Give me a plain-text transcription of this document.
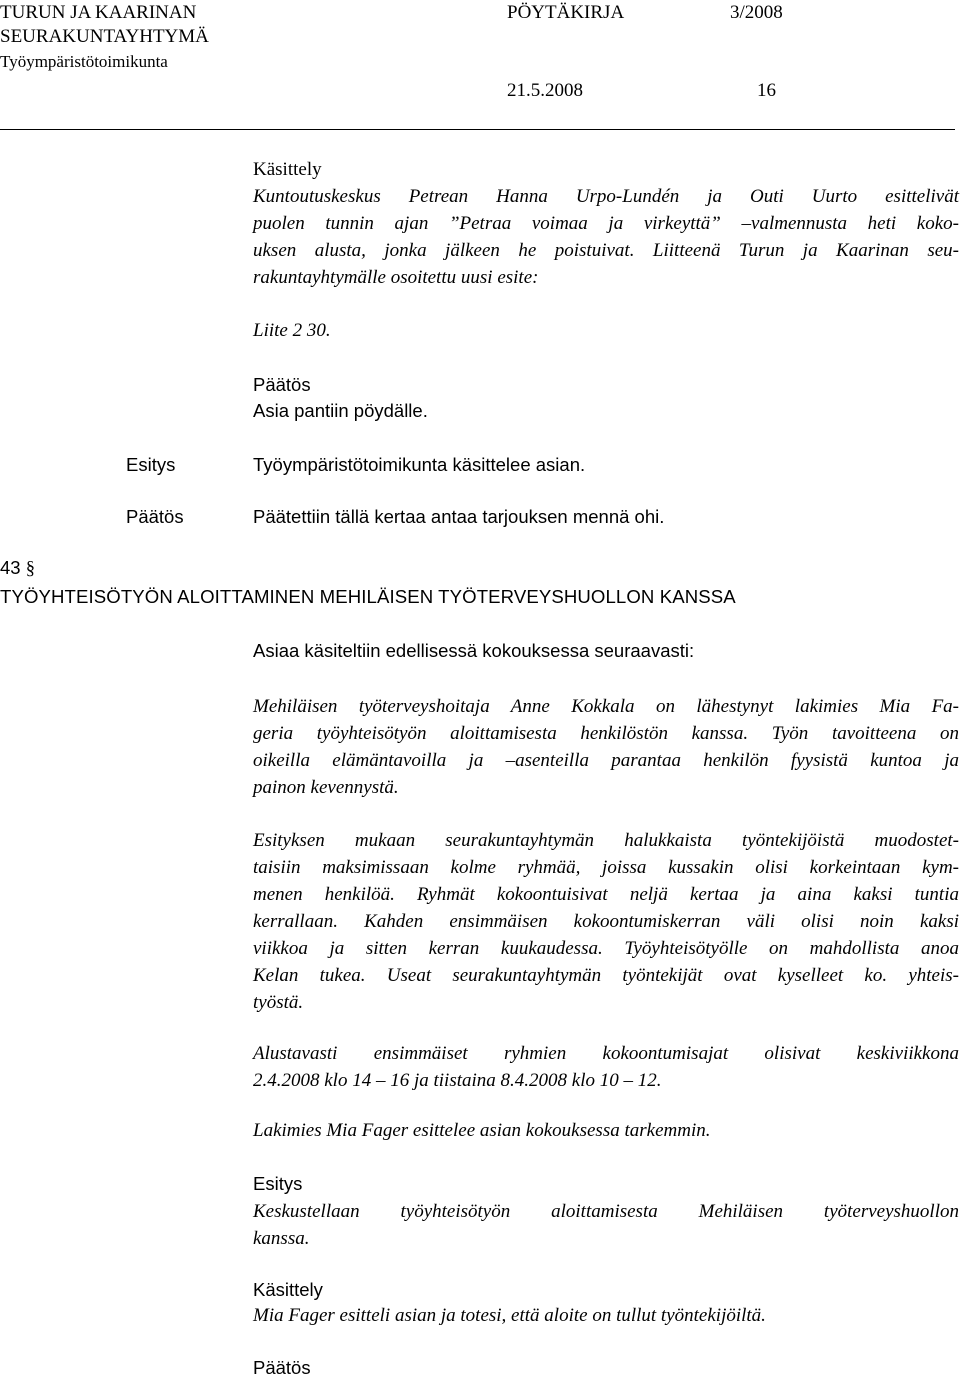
TURUN JA KAARINAN
SEURAKUNTAYHTYMÄ
Työympäristötoimikunta
PÖYTÄKIRJA	3/2008
21.5.2008	16
Käsittely
Kuntoutuskeskus Petrean Hanna Urpo-Lundén ja Outi Uurto esittelivät
puolen tunnin ajan ”Petraa voimaa ja virkeyttä” –valmennusta heti koko-
uksen alusta, jonka jälkeen he poistuivat. Liitteenä Turun ja Kaarinan seu-
rakuntayhtymälle osoitettu uusi esite:
Liite 2 30.
Päätös
Asia pantiin pöydälle.
Esitys	Työympäristötoimikunta käsittelee asian.
Päätös	Päätettiin tällä kertaa antaa tarjouksen mennä ohi.
43 §
TYÖYHTEISÖTYÖN ALOITTAMINEN MEHILÄISEN TYÖTERVEYSHUOLLON KANSSA
Asiaa käsiteltiin edellisessä kokouksessa seuraavasti:
Mehiläisen työterveyshoitaja Anne Kokkala on lähestynyt lakimies Mia Fa-
geria työyhteisötyön aloittamisesta henkilöstön kanssa. Työn tavoitteena on
oikeilla elämäntavoilla ja –asenteilla parantaa henkilön fyysistä kuntoa ja
painon kevennystä.
Esityksen mukaan seurakuntayhtymän halukkaista työntekijöistä muodostet-
taisiin maksimissaan kolme ryhmää, joissa kussakin olisi korkeintaan kym-
menen henkilöä. Ryhmät kokoontuisivat neljä kertaa ja aina kaksi tuntia
kerrallaan. Kahden ensimmäisen kokoontumiskerran väli olisi noin kaksi
viikkoa ja sitten kerran kuukaudessa. Työyhteisötyölle on mahdollista anoa
Kelan tukea. Useat seurakuntayhtymän työntekijät ovat kyselleet ko. yhteis-
työstä.
Alustavasti ensimmäiset ryhmien kokoontumisajat olisivat keskiviikkona
2.4.2008 klo 14 – 16 ja tiistaina 8.4.2008 klo 10 – 12.
Lakimies Mia Fager esittelee asian kokouksessa tarkemmin.
Esitys
Keskustellaan työyhteisötyön aloittamisesta Mehiläisen työterveyshuollon
kanssa.
Käsittely
Mia Fager esitteli asian ja totesi, että aloite on tullut työntekijöiltä.
Päätös
